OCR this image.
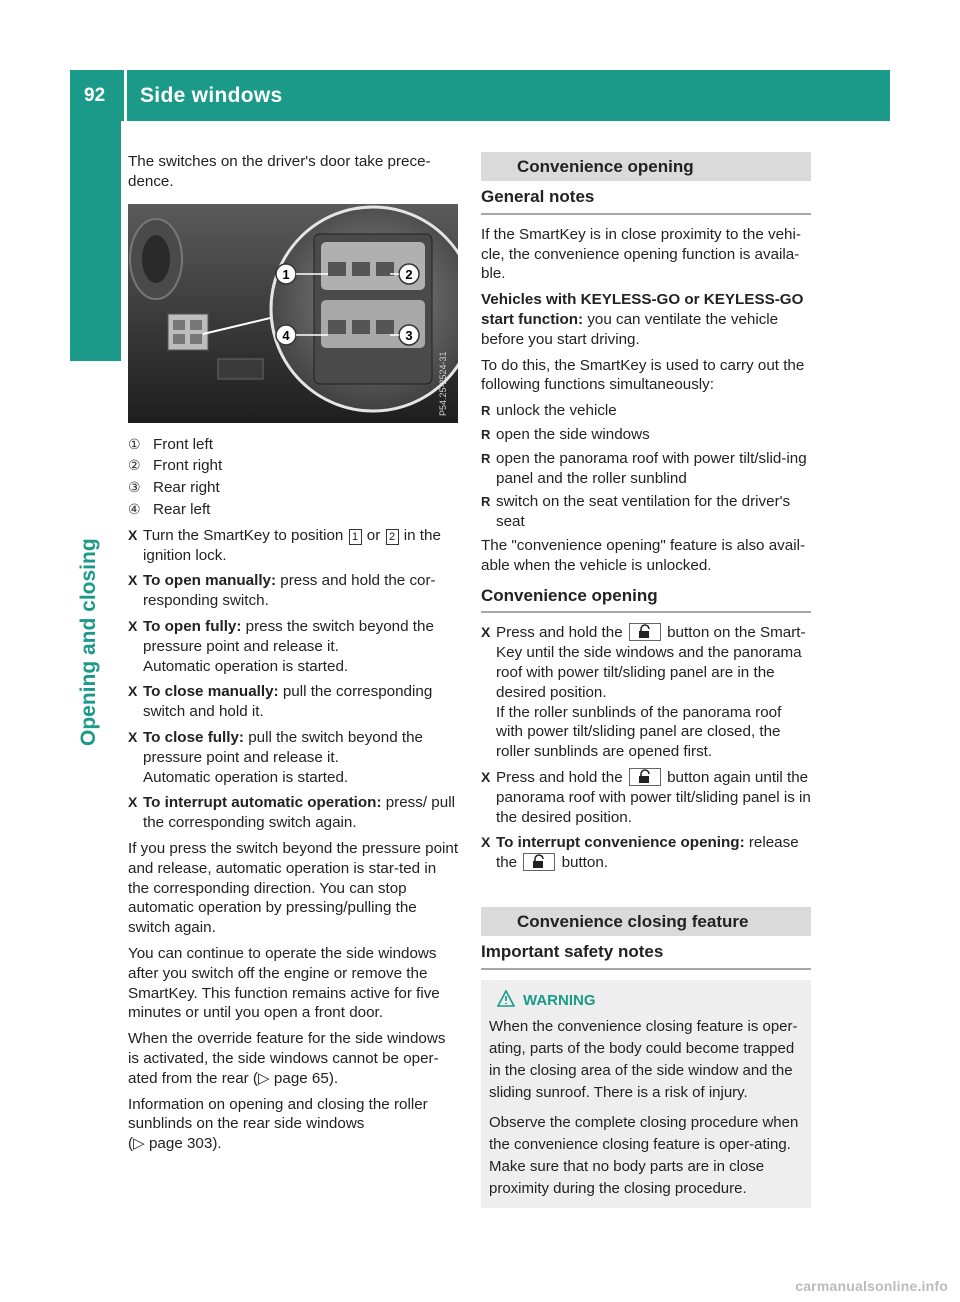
92 Side windows
Opening and closing

The switches on the driver's door take prece-dence.

1	2
3
4
P54.25-2524-31
① Front left
② Front right
③ Rear right
④ Rear left
X Turn the SmartKey to position 1 or 2 in the ignition lock.
X To open manually: press and hold the cor-responding switch.
X To open fully: press the switch beyond the pressure point and release it.
Automatic operation is started.
X To close manually: pull the corresponding switch and hold it.
X To close fully: pull the switch beyond the pressure point and release it.
Automatic operation is started.
X To interrupt automatic operation: press/ pull the corresponding switch again.

If you press the switch beyond the pressure point and release, automatic operation is star-ted in the corresponding direction. You can stop automatic operation by pressing/pulling the switch again.

You can continue to operate the side windows after you switch off the engine or remove the SmartKey. This function remains active for five minutes or until you open a front door.

When the override feature for the side windows is activated, the side windows cannot be oper-ated from the rear (▷ page 65).

Information on opening and closing the roller sunblinds on the rear side windows
(▷ page 303).

Convenience opening
General notes

If the SmartKey is in close proximity to the vehi-cle, the convenience opening function is availa-ble.

Vehicles with KEYLESS-GO or KEYLESS-GO start function: you can ventilate the vehicle before you start driving.

To do this, the SmartKey is used to carry out the following functions simultaneously:

R unlock the vehicle
R open the side windows
R open the panorama roof with power tilt/slid-ing panel and the roller sunblind
R switch on the seat ventilation for the driver's seat

The "convenience opening" feature is also avail-able when the vehicle is unlocked.

Convenience opening
X Press and hold the  button on the Smart-Key until the side windows and the panorama roof with power tilt/sliding panel are in the desired position.
If the roller sunblinds of the panorama roof with power tilt/sliding panel are closed, the roller sunblinds are opened first.
X Press and hold the  button again until the panorama roof with power tilt/sliding panel is in the desired position.
X To interrupt convenience opening: release the  button.
Convenience closing feature
Important safety notes
WARNING

When the convenience closing feature is oper-ating, parts of the body could become trapped in the closing area of the side window and the sliding sunroof. There is a risk of injury.

Observe the complete closing procedure when the convenience closing feature is oper-ating. Make sure that no body parts are in close proximity during the closing procedure.

carmanualsonline.info
